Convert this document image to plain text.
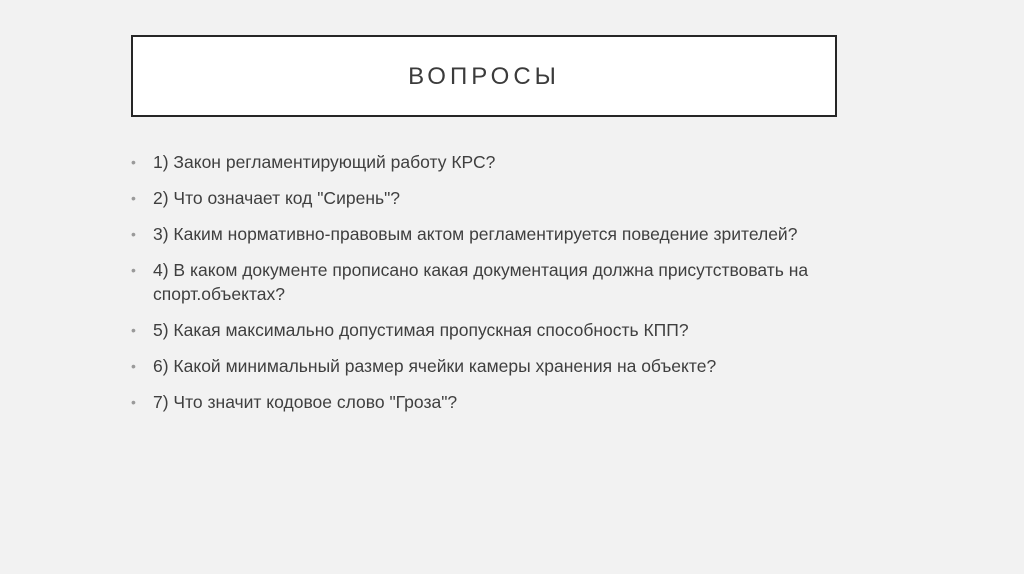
ВОПРОСЫ
• 1) Закон регламентирующий работу КРС?
• 2) Что означает код "Сирень"?
• 3) Каким нормативно-правовым актом регламентируется поведение зрителей?
• 4) В каком документе прописано какая документация должна присутствовать на спорт.объектах?
• 5) Какая максимально допустимая пропускная способность КПП?
• 6) Какой минимальный размер ячейки камеры хранения на объекте?
• 7) Что значит кодовое слово "Гроза"?
